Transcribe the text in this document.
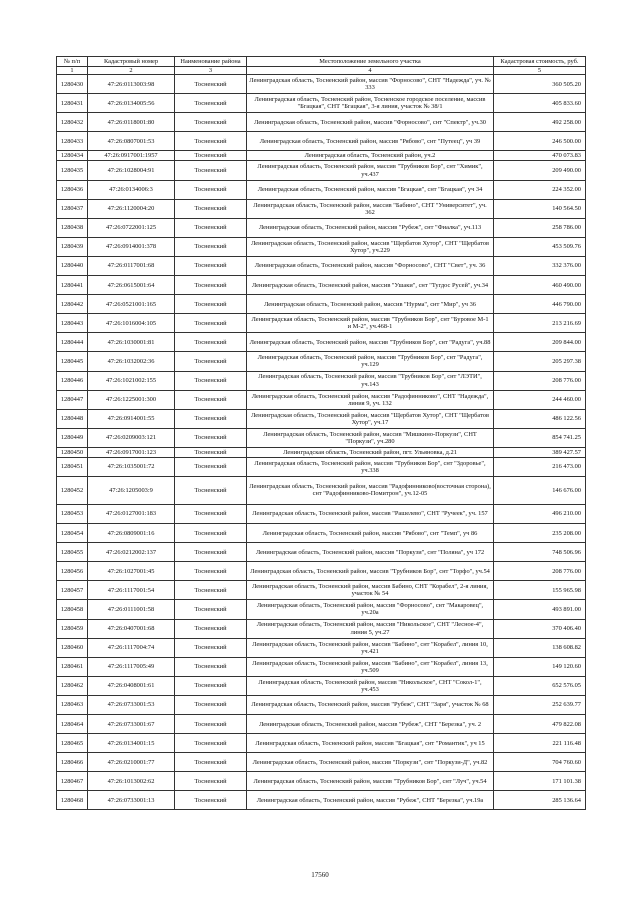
№ п/п	Кадастровый номер	Наименование района	Местоположение земельного участка	Кадастровая стоимость, руб.
1	2	3	4	5
1280430	47:26:0113003:98	Тосненский	Ленинградская область, Тосненский район, массив "Форносово", СНТ "Надежда", уч. № 333	360 505.20
1280431	47:26:0134005:56	Тосненский	Ленинградская область, Тосненский район, Тосненское городское поселение, массив "Бгацкая", СНТ "Бгацкая", 3-я линия, участок № 38/1	405 833.60
1280432	47:26:0118001:80	Тосненский	Ленинградская область, Тосненский район, массив "Форносово", снт "Спектр", уч.30	492 258.00
1280433	47:26:0807001:53	Тосненский	Ленинградская область, Тосненский район, массив "Рябово", снт "Путеец", уч 39	246 500.00
1280434	47:26:0917001:1957	Тосненский	Ленинградская область, Тосненский район, уч.2	470 073.83
1280435	47:26:1028004:91	Тосненский	Ленинградская область, Тосненский район, массив "Трубников Бор", снт "Химик", уч.437	209 490.00
1280436	47:26:0134006:3	Тосненский	Ленинградская область, Тосненский район, массив "Бгацкая", снт "Бгацкая", уч 34	224 352.00
1280437	47:26:1120004:20	Тосненский	Ленинградская область, Тосненский район, массив "Бабино", СНТ "Университет", уч. 362	140 564.50
1280438	47:26:0722001:125	Тосненский	Ленинградская область, Тосненский район, массив "Рубеж", снт "Фиалка", уч.113	258 786.00
1280439	47:26:0914001:378	Тосненский	Ленинградская область, Тосненский район, массив "Щербатов Хутор", СНТ "Щербатов Хутор", уч.229	453 509.76
1280440	47:26:0117001:68	Тосненский	Ленинградская область, Тосненский район, массив "Форносово", СНТ "Свет", уч. 36	332 376.00
1280441	47:26:0615001:64	Тосненский	Ленинградская область, Тосненский район, массив "Ушаки", снт "Тугдос Русей", уч.34	460 490.00
1280442	47:26:0521001:165	Тосненский	Ленинградская область, Тосненский район, массив "Нурма", снт "Мир", уч 36	446 790.00
1280443	47:26:1016004:105	Тосненский	Ленинградская область, Тосненский район, массив "Трубников Бор", снт "Буровое М-1 и М-2", уч.468-1	213 216.69
1280444	47:26:1030001:81	Тосненский	Ленинградская область, Тосненский район, массив "Трубников Бор", снт "Радуга", уч.88	209 844.00
1280445	47:26:1032002:36	Тосненский	Ленинградская область, Тосненский район, массив "Трубников Бор", снт "Радуга", уч.129	205 297.38
1280446	47:26:1021002:155	Тосненский	Ленинградская область, Тосненский район, массив "Трубников Бор", снт "ЛЭТИ", уч.143	208 776.00
1280447	47:26:1225001:300	Тосненский	Ленинградская область, Тосненский район, массив "Радофинниково", СНТ "Надежда", линия 9, уч. 132	244 460.00
1280448	47:26:0914001:55	Тосненский	Ленинградская область, Тосненский район, массив "Щербатов Хутор", СНТ "Щербатов Хутор", уч.17	486 122.56
1280449	47:26:0209003:121	Тосненский	Ленинградская область, Тосненский район, массив "Мишкино-Поркузи", СНТ "Поркузи", уч.280	854 741.25
1280450	47:26:0917001:123	Тосненский	Ленинградская область, Тосненский район, пгт. Ульяновка, д.21	389 427.57
1280451	47:26:1035001:72	Тосненский	Ленинградская область, Тосненский район, массив "Трубников Бор", снт "Здоровье", уч.338	216 473.00
1280452	47:26:1205003:9	Тосненский	Ленинградская область, Тосненский район, массив "Радофинниково(восточная сторона), снт "Радофинниково-Помитрон", уч.12-05	146 676.00
1280453	47:26:0127001:183	Тосненский	Ленинградская область, Тосненский район, массив "Рашелево", СНТ "Ручеек", уч. 157	496 210.00
1280454	47:26:0809001:16	Тосненский	Ленинградская область, Тосненский район, массив "Рябово", снт "Темп", уч 86	235 208.00
1280455	47:26:0212002:137	Тосненский	Ленинградская область, Тосненский район, массив "Поркузи", снт "Поляна", уч 172	748 506.96
1280456	47:26:1027001:45	Тосненский	Ленинградская область, Тосненский район, массив "Трубников Бор", снт "Торфо", уч.54	208 776.00
1280457	47:26:1117001:54	Тосненский	Ленинградская область, Тосненский район, массив Бабино, СНТ "Корабел", 2-я линия, участок № 54	155 965.98
1280458	47:26:0111001:58	Тосненский	Ленинградская область, Тосненский район, массив "Форносово", снт "Макаровец", уч.20а	493 891.00
1280459	47:26:0407001:68	Тосненский	Ленинградская область, Тосненский район, массив "Никольское", СНТ "Лесное-4", линия 5, уч.27	370 406.40
1280460	47:26:1117004:74	Тосненский	Ленинградская область, Тосненский район, массив "Бабино", снт "Корабел", линия 10, уч.421	138 608.82
1280461	47:26:1117005:49	Тосненский	Ленинградская область, Тосненский район, массив "Бабино", снт "Корабел", линия 13, уч.509	149 120.60
1280462	47:26:0408001:61	Тосненский	Ленинградская область, Тосненский район, массив "Никольское", СНТ "Сокол-1", уч.453	652 576.05
1280463	47:26:0733001:53	Тосненский	Ленинградская область, Тосненский район, массив "Рубеж", СНТ "Заря", участок № 68	252 639.77
1280464	47:26:0733001:67	Тосненский	Ленинградская область, Тосненский район, массив "Рубеж", СНТ "Березка", уч. 2	479 822.08
1280465	47:26:0134001:15	Тосненский	Ленинградская область, Тосненский район, массив "Бгацкая", снт "Романтик", уч 15	221 116.48
1280466	47:26:0210001:77	Тосненский	Ленинградская область, Тосненский район, массив "Поркузи", снт "Поркузи-Д", уч.82	704 760.60
1280467	47:26:1013002:62	Тосненский	Ленинградская область, Тосненский район, массив "Трубников Бор", снт "Луч", уч.54	171 101.38
1280468	47:26:0733001:13	Тосненский	Ленинградская область, Тосненский район, массив "Рубеж", СНТ "Березка", уч.19а	285 136.64
17560
